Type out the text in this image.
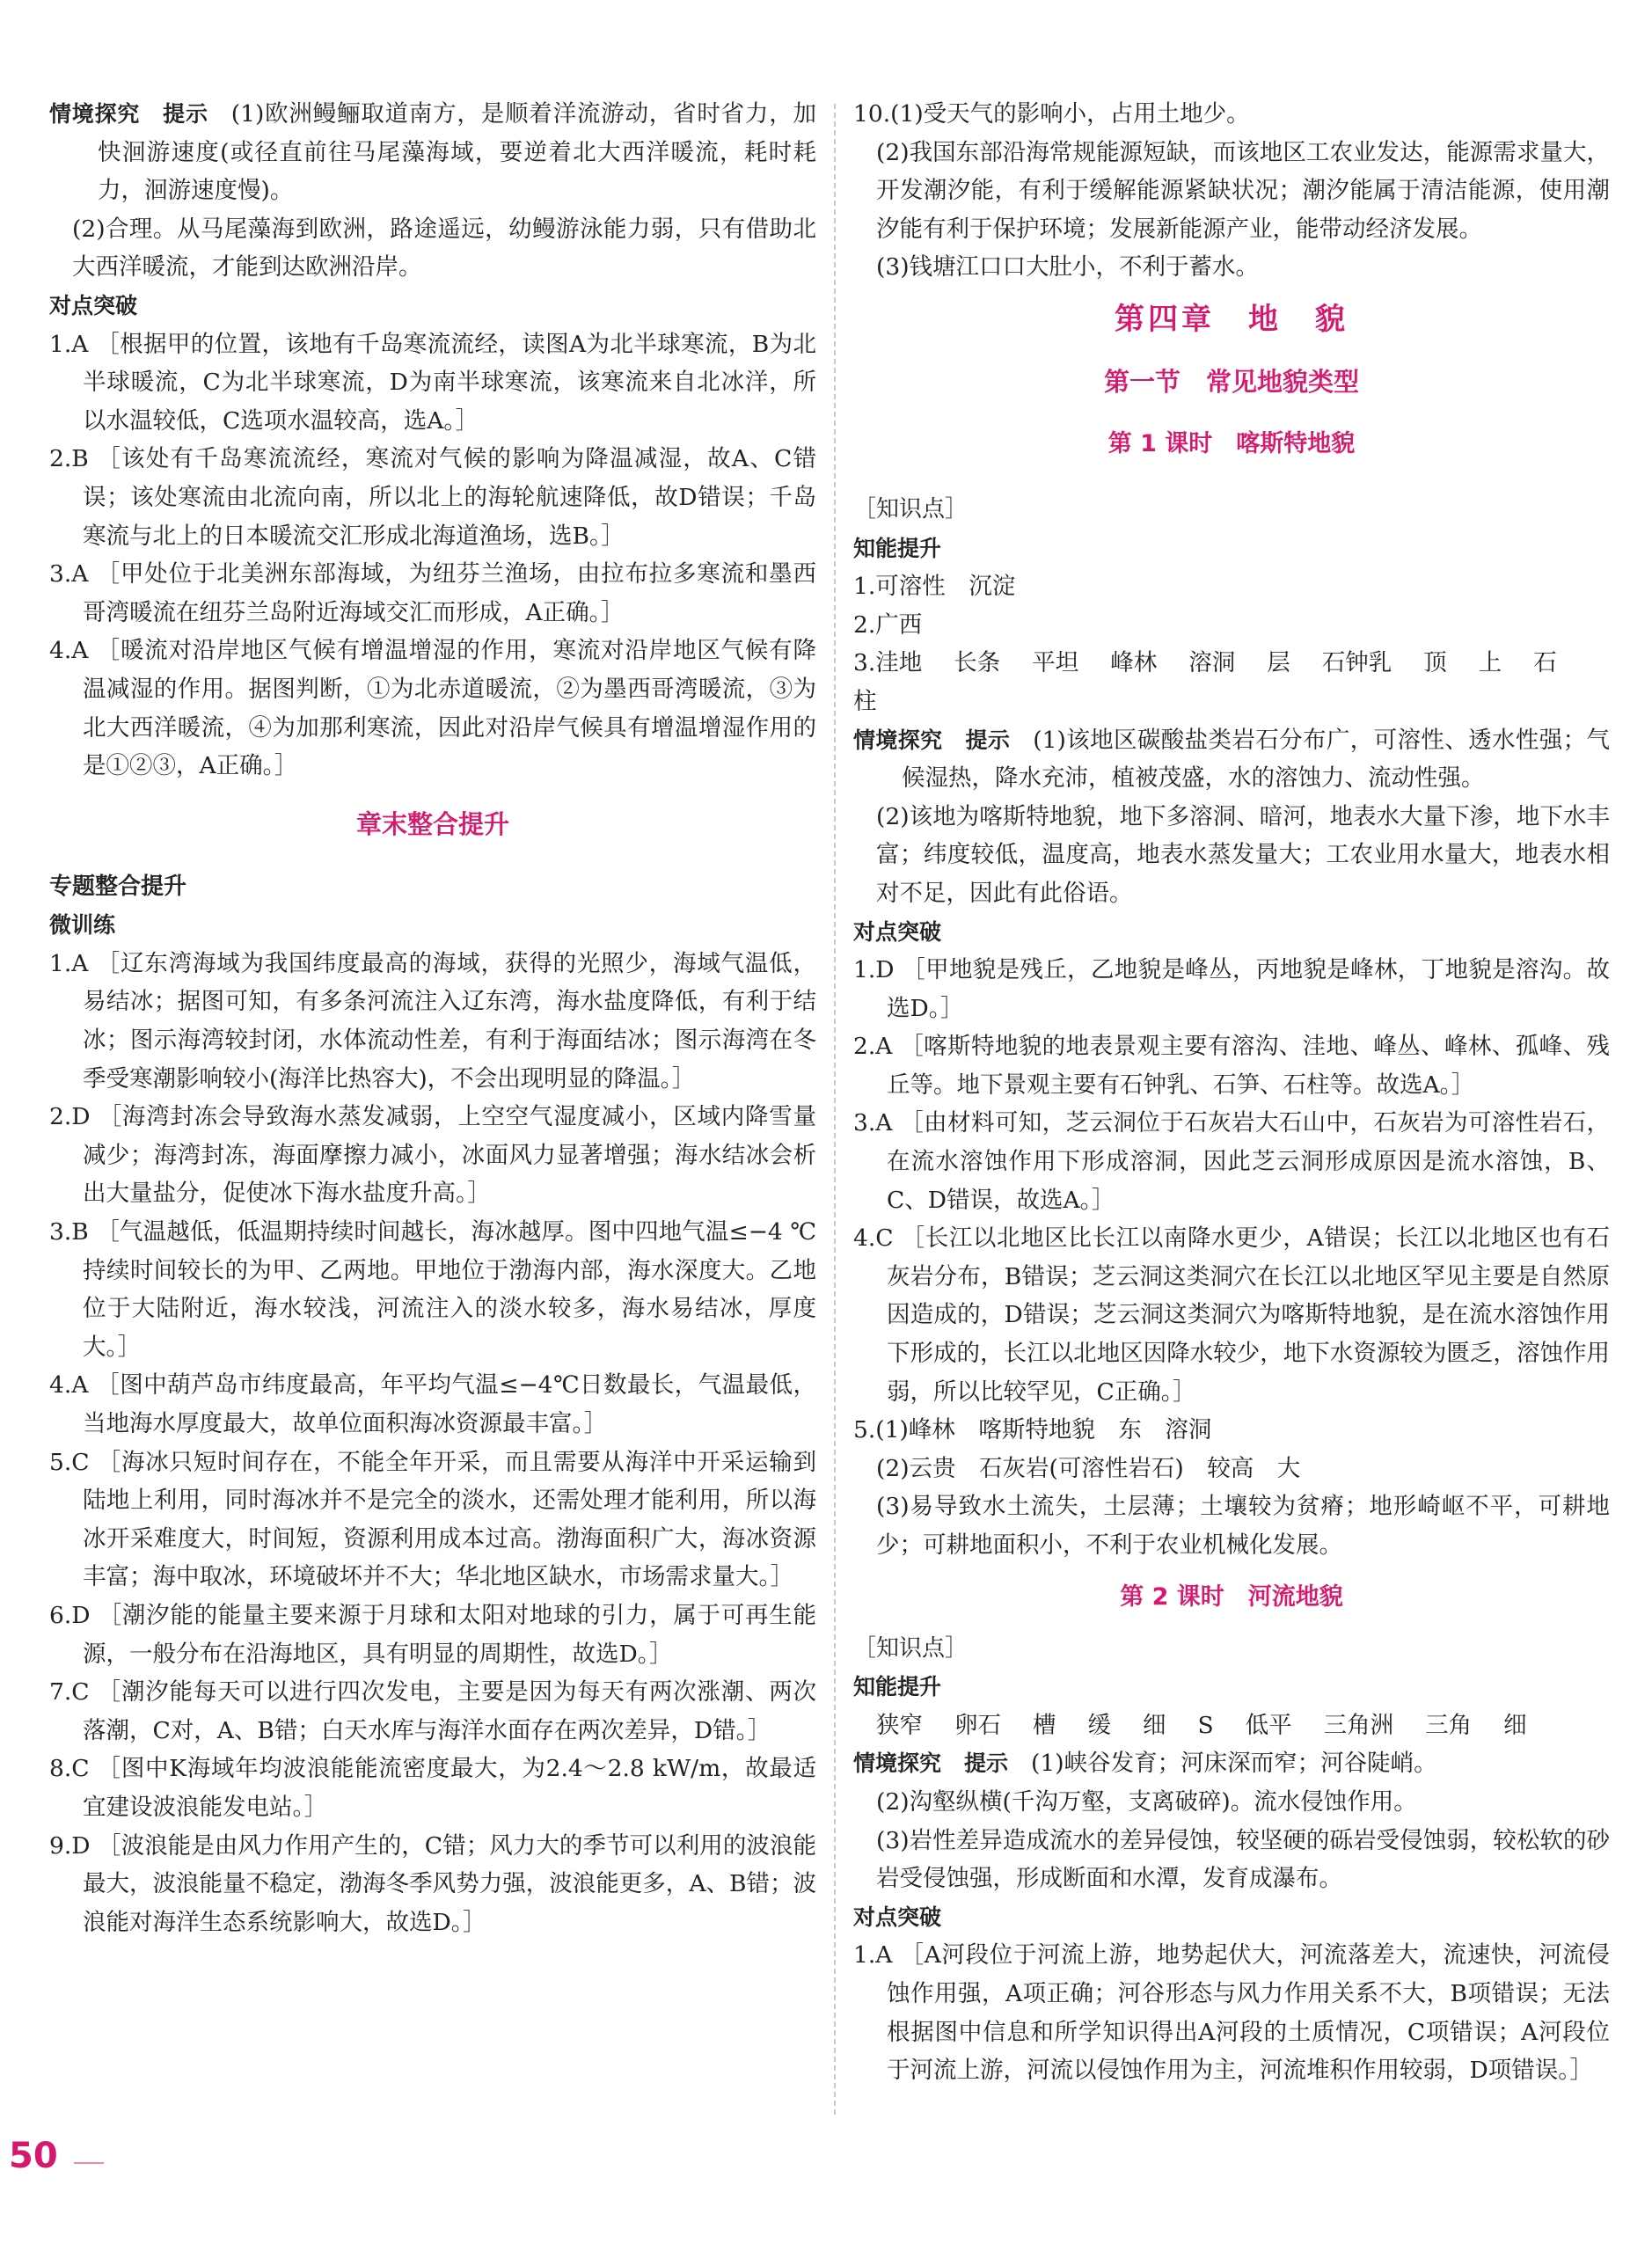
情境探究 提示 (1)欧洲鳗鲡取道南方，是顺着洋流游动，省时省力，加快洄游速度(或径直前往马尾藻海域，要逆着北大西洋暖流，耗时耗力，洄游速度慢)。
(2)合理。从马尾藻海到欧洲，路途遥远，幼鳗游泳能力弱，只有借助北大西洋暖流，才能到达欧洲沿岸。
对点突破
1.A ［根据甲的位置，该地有千岛寒流流经，读图A为北半球寒流，B为北半球暖流，C为北半球寒流，D为南半球寒流，该寒流来自北冰洋，所以水温较低，C选项水温较高，选A。］
2.B ［该处有千岛寒流流经，寒流对气候的影响为降温减湿，故A、C错误；该处寒流由北流向南，所以北上的海轮航速降低，故D错误；千岛寒流与北上的日本暖流交汇形成北海道渔场，选B。］
3.A ［甲处位于北美洲东部海域，为纽芬兰渔场，由拉布拉多寒流和墨西哥湾暖流在纽芬兰岛附近海域交汇而形成，A正确。］
4.A ［暖流对沿岸地区气候有增温增湿的作用，寒流对沿岸地区气候有降温减湿的作用。据图判断，①为北赤道暖流，②为墨西哥湾暖流，③为北大西洋暖流，④为加那利寒流，因此对沿岸气候具有增温增湿作用的是①②③，A正确。］
章末整合提升
专题整合提升
微训练
1.A ［辽东湾海域为我国纬度最高的海域，获得的光照少，海域气温低，易结冰；据图可知，有多条河流注入辽东湾，海水盐度降低，有利于结冰；图示海湾较封闭，水体流动性差，有利于海面结冰；图示海湾在冬季受寒潮影响较小(海洋比热容大)，不会出现明显的降温。］
2.D ［海湾封冻会导致海水蒸发减弱，上空空气湿度减小，区域内降雪量减少；海湾封冻，海面摩擦力减小，冰面风力显著增强；海水结冰会析出大量盐分，促使冰下海水盐度升高。］
3.B ［气温越低，低温期持续时间越长，海冰越厚。图中四地气温≤−4 ℃持续时间较长的为甲、乙两地。甲地位于渤海内部，海水深度大。乙地位于大陆附近，海水较浅，河流注入的淡水较多，海水易结冰，厚度大。］
4.A ［图中葫芦岛市纬度最高，年平均气温≤−4℃日数最长，气温最低，当地海水厚度最大，故单位面积海冰资源最丰富。］
5.C ［海冰只短时间存在，不能全年开采，而且需要从海洋中开采运输到陆地上利用，同时海冰并不是完全的淡水，还需处理才能利用，所以海冰开采难度大，时间短，资源利用成本过高。渤海面积广大，海冰资源丰富；海中取冰，环境破坏并不大；华北地区缺水，市场需求量大。］
6.D ［潮汐能的能量主要来源于月球和太阳对地球的引力，属于可再生能源，一般分布在沿海地区，具有明显的周期性，故选D。］
7.C ［潮汐能每天可以进行四次发电，主要是因为每天有两次涨潮、两次落潮，C对，A、B错；白天水库与海洋水面存在两次差异，D错。］
8.C ［图中K海域年均波浪能能流密度最大，为2.4～2.8 kW/m，故最适宜建设波浪能发电站。］
9.D ［波浪能是由风力作用产生的，C错；风力大的季节可以利用的波浪能最大，波浪能量不稳定，渤海冬季风势力强，波浪能更多，A、B错；波浪能对海洋生态系统影响大，故选D。］
10.(1)受天气的影响小，占用土地少。
(2)我国东部沿海常规能源短缺，而该地区工农业发达，能源需求量大，开发潮汐能，有利于缓解能源紧缺状况；潮汐能属于清洁能源，使用潮汐能有利于保护环境；发展新能源产业，能带动经济发展。
(3)钱塘江口口大肚小，不利于蓄水。
第四章　地　貌
第一节　常见地貌类型
第 1 课时　喀斯特地貌
［知识点］
知能提升
1.可溶性　沉淀
2.广西
3.洼地 长条 平坦 峰林 溶洞 层 石钟乳 顶 上 石柱
情境探究 提示 (1)该地区碳酸盐类岩石分布广，可溶性、透水性强；气候湿热，降水充沛，植被茂盛，水的溶蚀力、流动性强。
(2)该地为喀斯特地貌，地下多溶洞、暗河，地表水大量下渗，地下水丰富；纬度较低，温度高，地表水蒸发量大；工农业用水量大，地表水相对不足，因此有此俗语。
对点突破
1.D ［甲地貌是残丘，乙地貌是峰丛，丙地貌是峰林，丁地貌是溶沟。故选D。］
2.A ［喀斯特地貌的地表景观主要有溶沟、洼地、峰丛、峰林、孤峰、残丘等。地下景观主要有石钟乳、石笋、石柱等。故选A。］
3.A ［由材料可知，芝云洞位于石灰岩大石山中，石灰岩为可溶性岩石，在流水溶蚀作用下形成溶洞，因此芝云洞形成原因是流水溶蚀，B、C、D错误，故选A。］
4.C ［长江以北地区比长江以南降水更少，A错误；长江以北地区也有石灰岩分布，B错误；芝云洞这类洞穴在长江以北地区罕见主要是自然原因造成的，D错误；芝云洞这类洞穴为喀斯特地貌，是在流水溶蚀作用下形成的，长江以北地区因降水较少，地下水资源较为匮乏，溶蚀作用弱，所以比较罕见，C正确。］
5.(1)峰林　喀斯特地貌　东　溶洞
(2)云贵　石灰岩(可溶性岩石)　较高　大
(3)易导致水土流失，土层薄；土壤较为贫瘠；地形崎岖不平，可耕地少；可耕地面积小，不利于农业机械化发展。
第 2 课时　河流地貌
［知识点］
知能提升
狭窄 卵石 槽 缓 细 S 低平 三角洲 三角 细
情境探究 提示 (1)峡谷发育；河床深而窄；河谷陡峭。
(2)沟壑纵横(千沟万壑，支离破碎)。流水侵蚀作用。
(3)岩性差异造成流水的差异侵蚀，较坚硬的砾岩受侵蚀弱，较松软的砂岩受侵蚀强，形成断面和水潭，发育成瀑布。
对点突破
1.A ［A河段位于河流上游，地势起伏大，河流落差大，流速快，河流侵蚀作用强，A项正确；河谷形态与风力作用关系不大，B项错误；无法根据图中信息和所学知识得出A河段的土质情况，C项错误；A河段位于河流上游，河流以侵蚀作用为主，河流堆积作用较弱，D项错误。］
50
